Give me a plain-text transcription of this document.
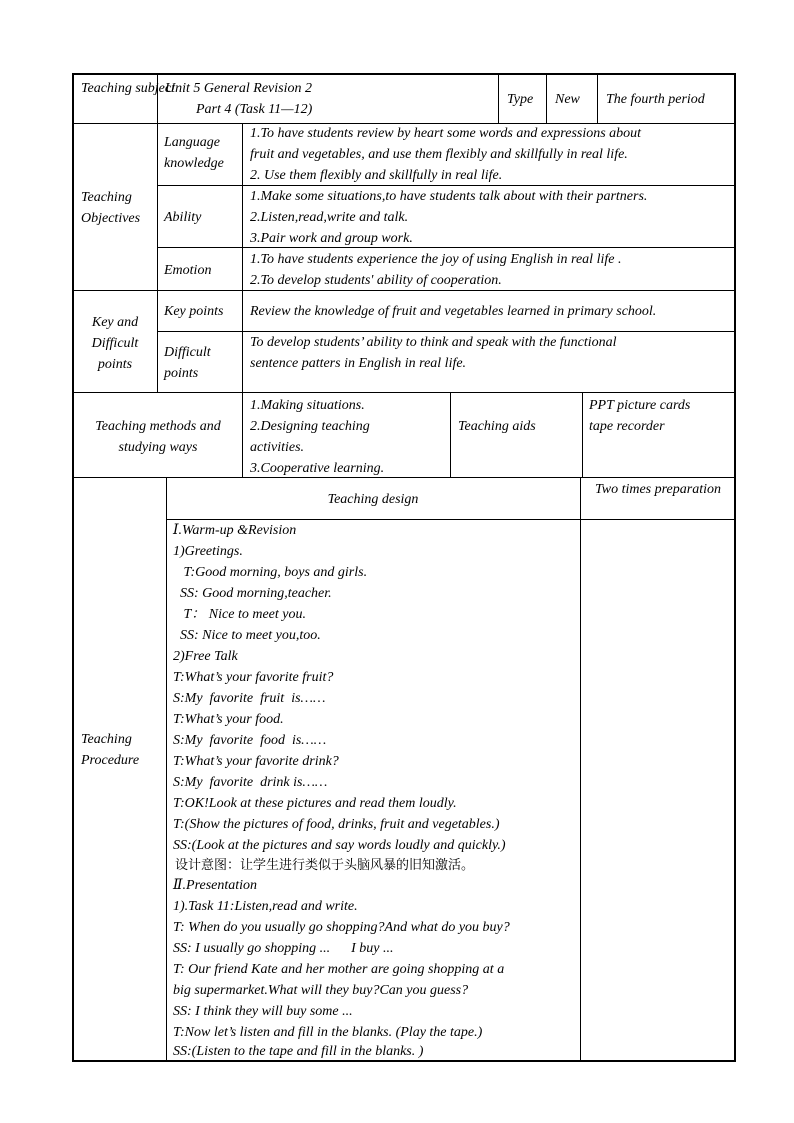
Teaching subject
Unit 5 General Revision 2
Part 4 (Task 11—12)
Type New The fourth period
Teaching Objectives
Language knowledge
1.To have students review by heart some words and expressions about
fruit and vegetables, and use them flexibly and skillfully in real life.
2. Use them flexibly and skillfully in real life.
Ability
1.Make some situations,to have students talk about with their partners.
2.Listen,read,write and talk.
3.Pair work and group work.
Emotion
1.To have students experience the joy of using English in real life .
2.To develop students' ability of cooperation.
Key and Difficult points
Key points Review the knowledge of fruit and vegetables learned in primary school.
Difficult points
To develop students’ ability to think and speak with the functional
sentence patters in English in real life.
Teaching methods and studying ways
1.Making situations.
2.Designing teaching
activities.
3.Cooperative learning.
Teaching aids
PPT picture cards
tape recorder
Teaching Procedure
Teaching design
Two times preparation
Ⅰ.Warm-up &Revision
1)Greetings.
T:Good morning, boys and girls.
SS: Good morning,teacher.
T： Nice to meet you.
SS: Nice to meet you,too.
2)Free Talk
T:What’s your favorite fruit?
S:My  favorite  fruit  is……
T:What’s your food.
S:My  favorite  food  is……
T:What’s your favorite drink?
S:My  favorite  drink is……
T:OK!Look at these pictures and read them loudly.
T:(Show the pictures of food, drinks, fruit and vegetables.)
SS:(Look at the pictures and say words loudly and quickly.)
设计意图：让学生进行类似于头脑风暴的旧知激活。
Ⅱ.Presentation
1).Task 11:Listen,read and write.
T: When do you usually go shopping?And what do you buy?
SS: I usually go shopping ...      I buy ...
T: Our friend Kate and her mother are going shopping at a
big supermarket.What will they buy?Can you guess?
SS: I think they will buy some ...
T:Now let’s listen and fill in the blanks. (Play the tape.)
SS:(Listen to the tape and fill in the blanks. )
